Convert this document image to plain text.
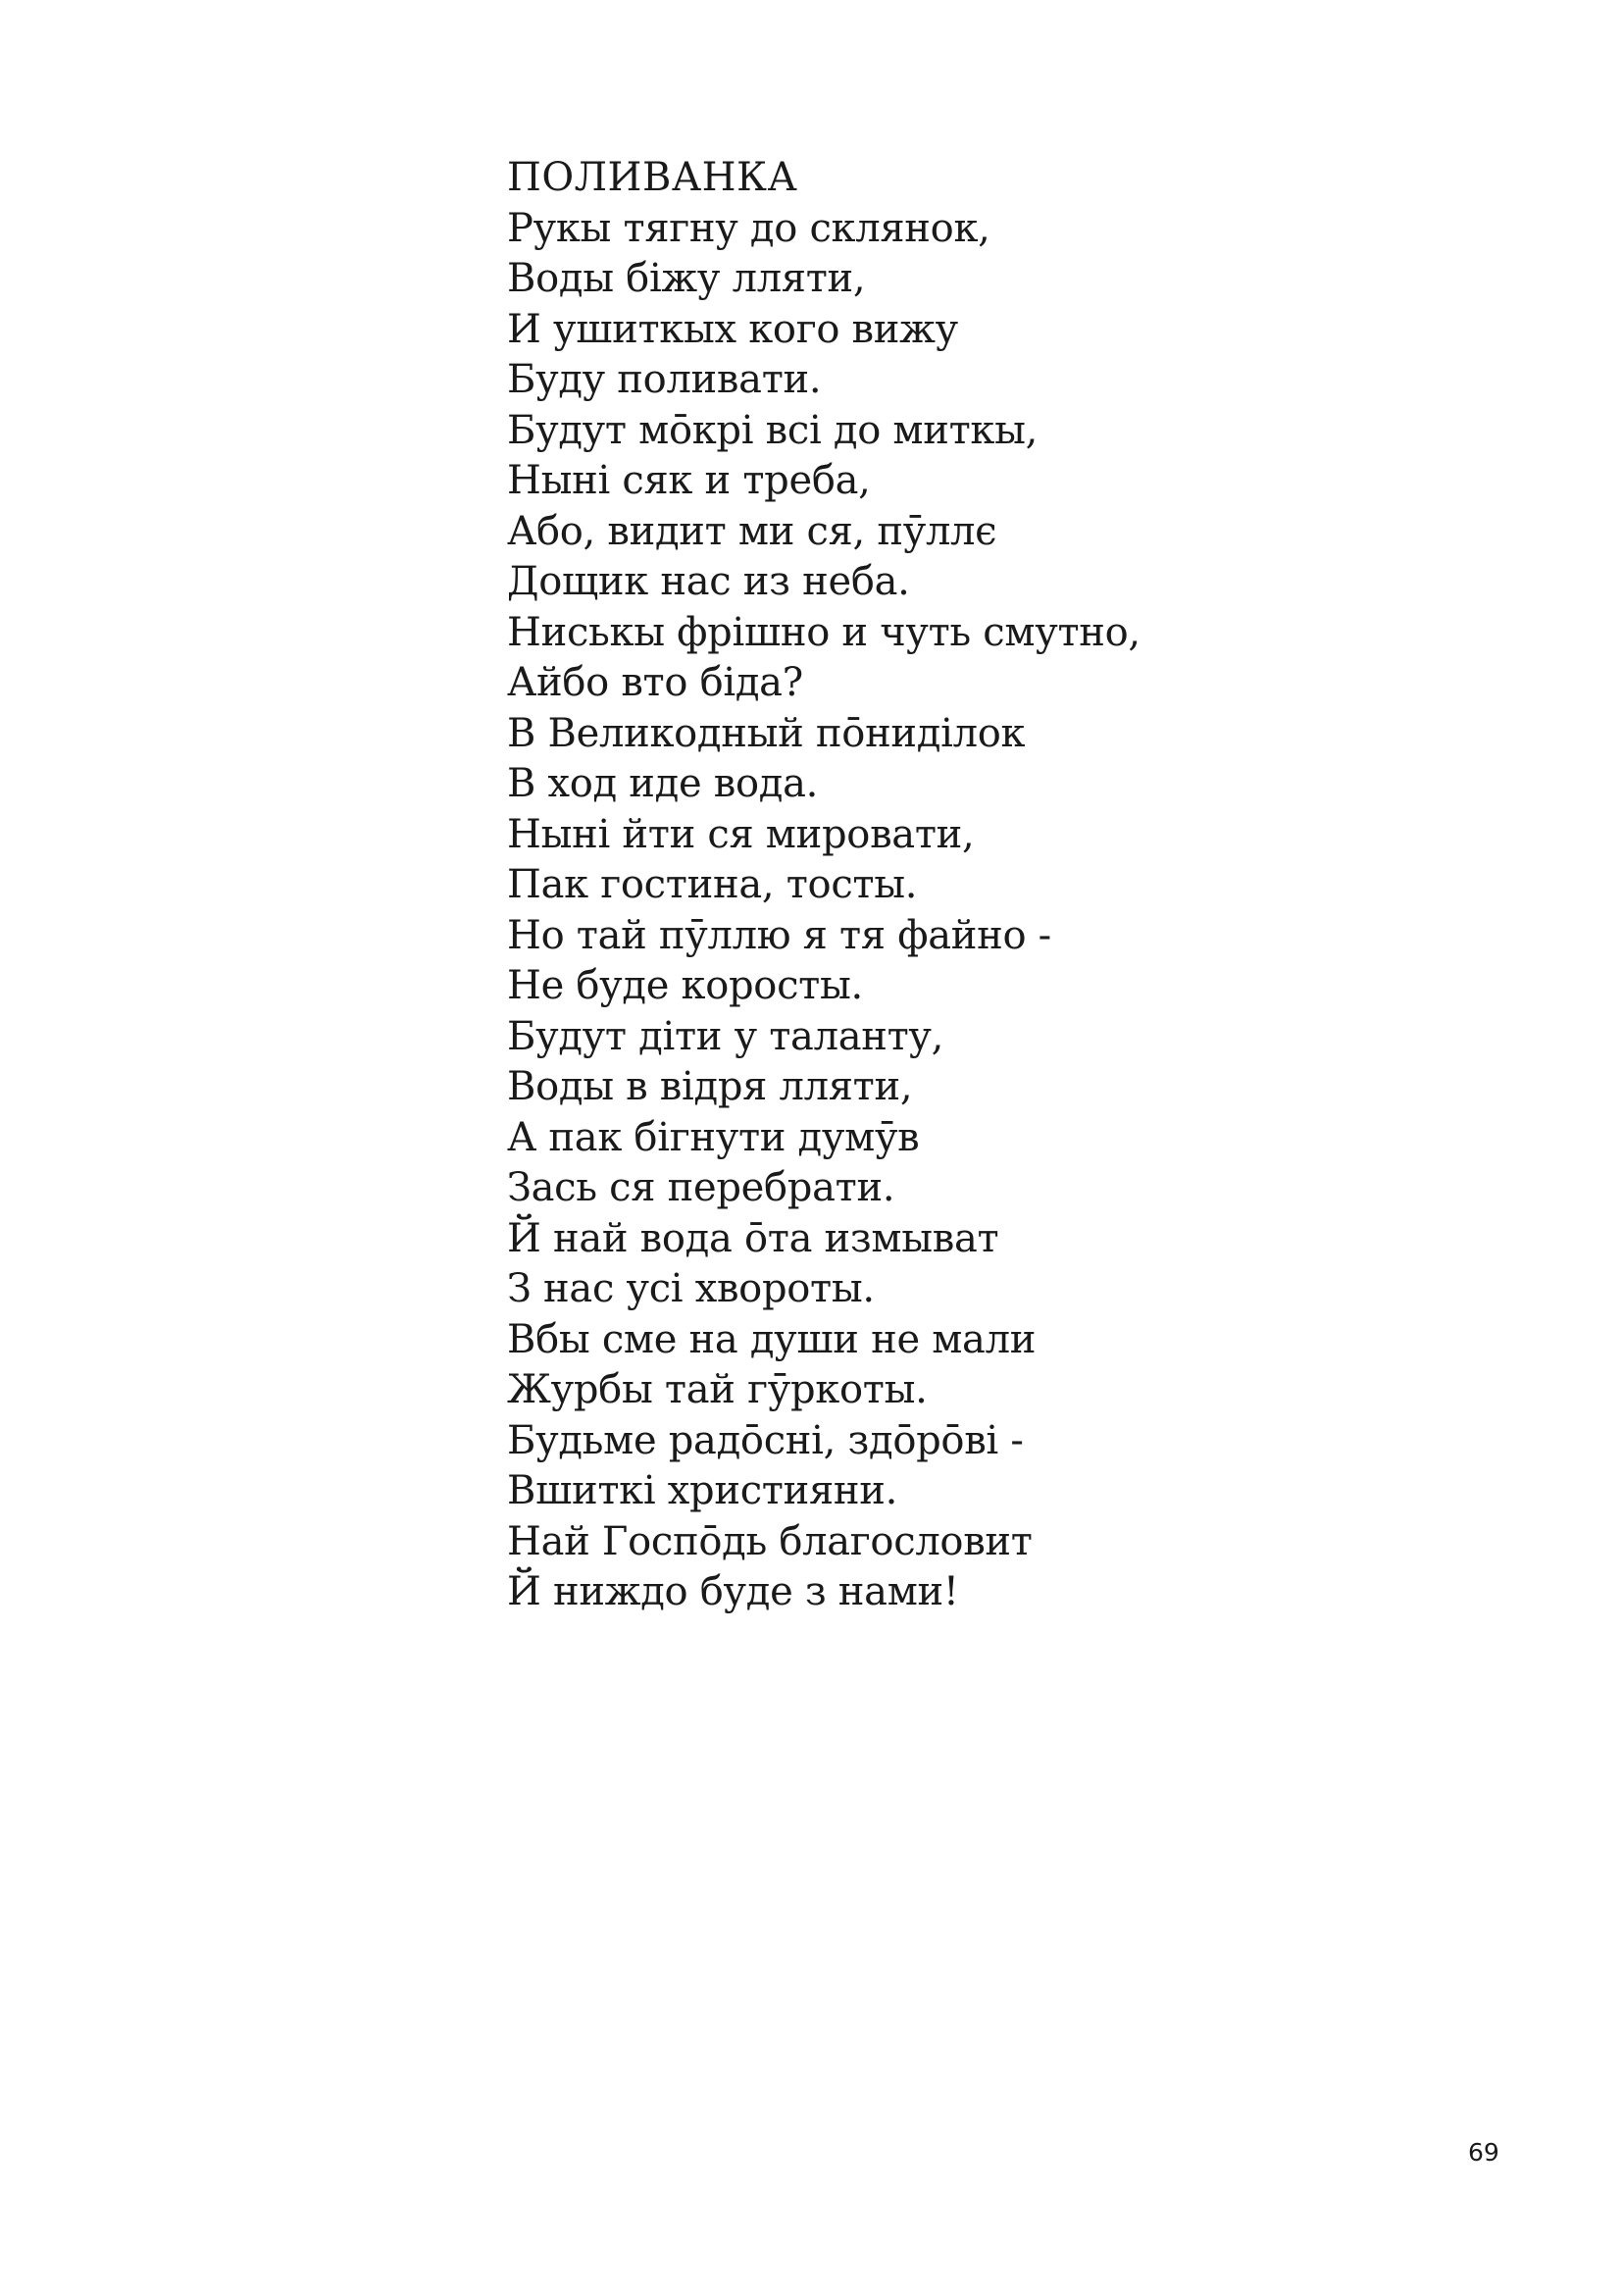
ПОЛИВАНКА
Рукы тягну до склянок,
Воды біжу лляти,
И ушиткых кого вижу
Буду поливати.
Будут мо̄крі всі до миткы,
Ныні сяк и треба,
Або, видит ми ся, пӯллє
Дощик нас из неба.
Ниськы фрішно и чуть смутно,
Айбо вто біда?
В Великодный по̄ниділок
В ход иде вода.
Ныні йти ся мировати,
Пак гостина, тосты.
Но тай пӯллю я тя файно -
Не буде коросты.
Будут діти у таланту,
Воды в відря лляти,
А пак бігнути думӯв
Зась ся перебрати.
Й най вода о̄та измыват
З нас усі хвороты.
Вбы сме на души не мали
Журбы тай гӯркоты.
Будьме радо̄сні, здо̄ро̄ві -
Вшиткі християни.
Най Госпо̄дь благословит
Й ниждо буде з нами!
69
